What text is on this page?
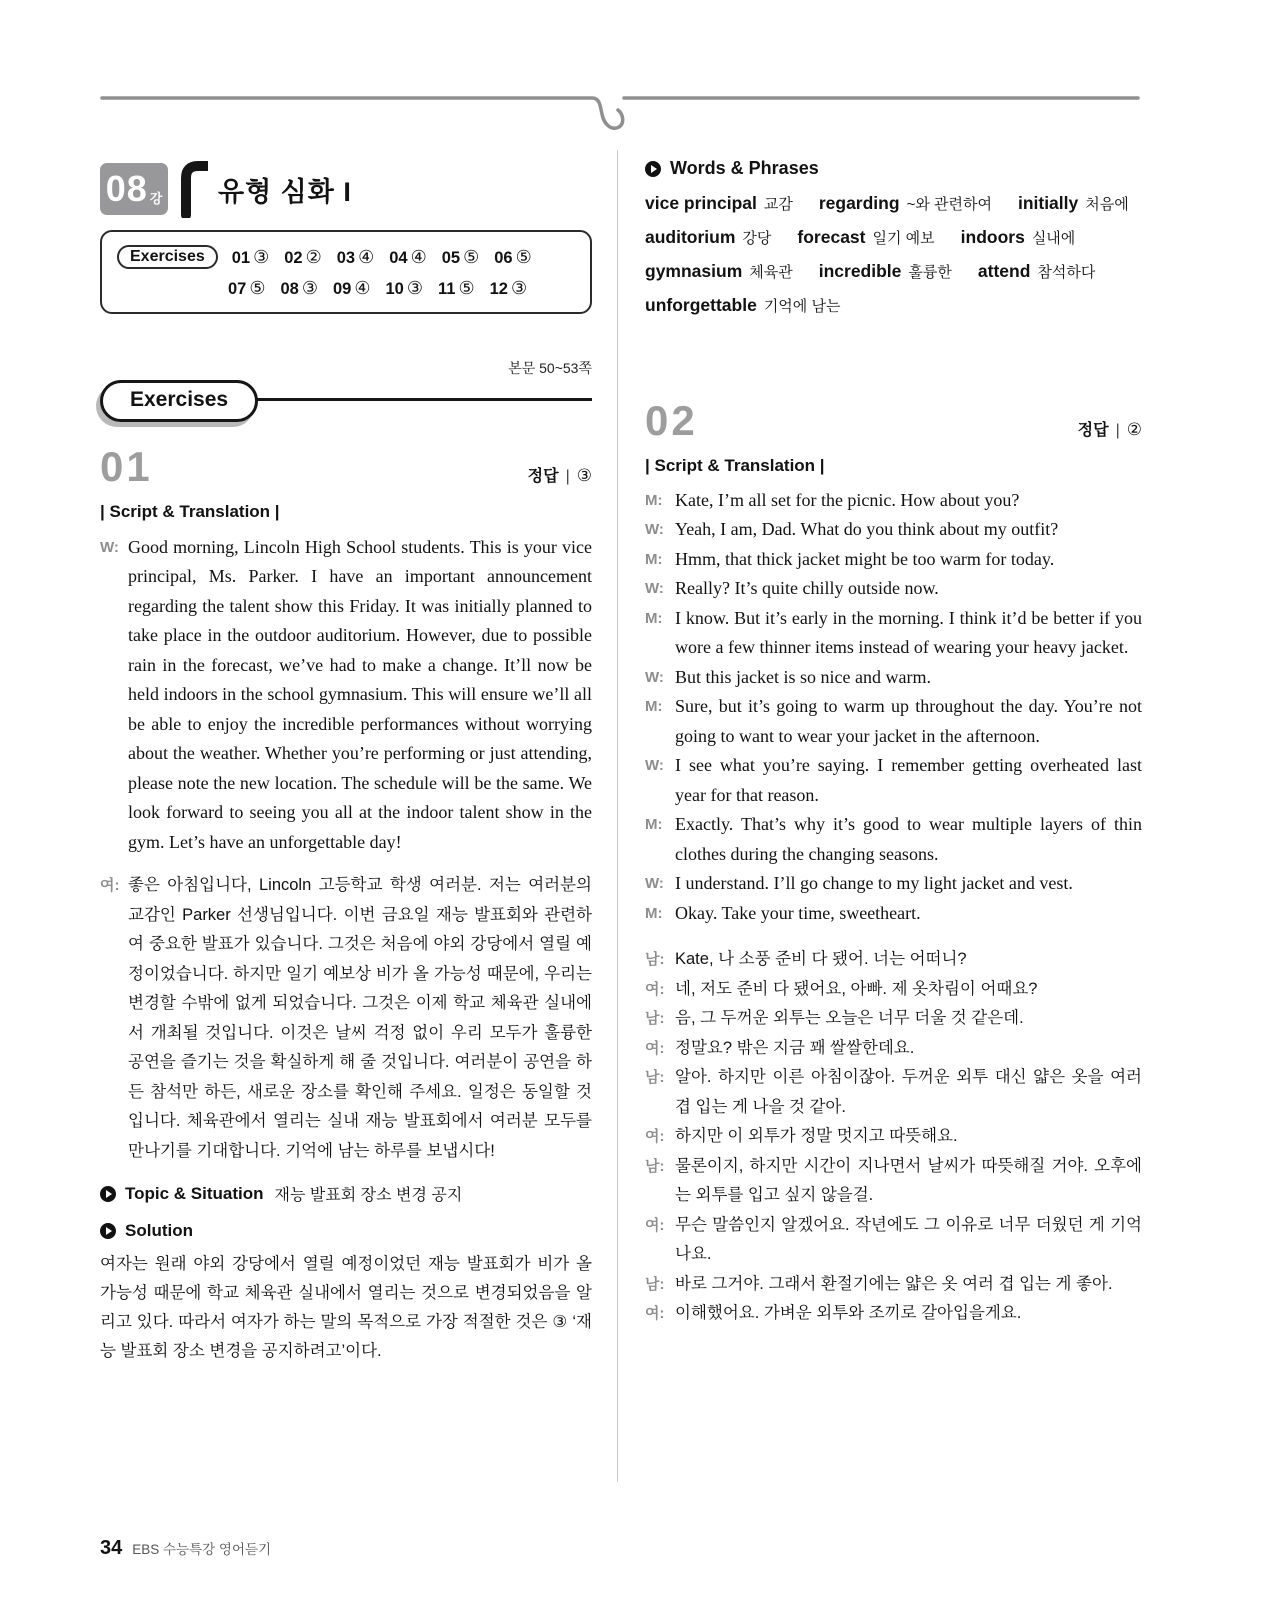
08 강 유형 심화 I
Exercises	01 ③ 02 ② 03 ④ 04 ④ 05 ⑤ 06 ⑤
07 ⑤ 08 ③ 09 ④ 10 ③ 11 ⑤ 12 ③
본문 50~53쪽
Exercises
01	정답 | ③
| Script & Translation |

W: Good morning, Lincoln High School students. This is your vice principal, Ms. Parker. I have an important announcement regarding the talent show this Friday. It was initially planned to take place in the outdoor auditorium. However, due to possible rain in the forecast, we’ve had to make a change. It’ll now be held indoors in the school gymnasium. This will ensure we’ll all be able to enjoy the incredible performances without worrying about the weather. Whether you’re performing or just attending, please note the new location. The schedule will be the same. We look forward to seeing you all at the indoor talent show in the gym. Let’s have an unforgettable day!

여: 좋은 아침입니다, Lincoln 고등학교 학생 여러분. 저는 여러분의 교감인 Parker 선생님입니다. 이번 금요일 재능 발표회와 관련하여 중요한 발표가 있습니다. 그것은 처음에 야외 강당에서 열릴 예정이었습니다. 하지만 일기 예보상 비가 올 가능성 때문에, 우리는 변경할 수밖에 없게 되었습니다. 그것은 이제 학교 체육관 실내에서 개최될 것입니다. 이것은 날씨 걱정 없이 우리 모두가 훌륭한 공연을 즐기는 것을 확실하게 해 줄 것입니다. 여러분이 공연을 하든 참석만 하든, 새로운 장소를 확인해 주세요. 일정은 동일할 것입니다. 체육관에서 열리는 실내 재능 발표회에서 여러분 모두를 만나기를 기대합니다. 기억에 남는 하루를 보냅시다!

Topic & Situation 재능 발표회 장소 변경 공지
Solution

여자는 원래 야외 강당에서 열릴 예정이었던 재능 발표회가 비가 올 가능성 때문에 학교 체육관 실내에서 열리는 것으로 변경되었음을 알리고 있다. 따라서 여자가 하는 말의 목적으로 가장 적절한 것은 ③ ‘재능 발표회 장소 변경을 공지하려고’이다.

Words & Phrases
vice principal 교감 regarding ~와 관련하여 initially 처음에
auditorium 강당 forecast 일기 예보 indoors 실내에
gymnasium 체육관 incredible 훌륭한 attend 참석하다
unforgettable 기억에 남는
02	정답 | ②
| Script & Translation |

M: Kate, I’m all set for the picnic. How about you?

W: Yeah, I am, Dad. What do you think about my outfit?

M: Hmm, that thick jacket might be too warm for today.

W: Really? It’s quite chilly outside now.

M: I know. But it’s early in the morning. I think it’d be better if you wore a few thinner items instead of wearing your heavy jacket.

W: But this jacket is so nice and warm.

M: Sure, but it’s going to warm up throughout the day. You’re not going to want to wear your jacket in the afternoon.

W: I see what you’re saying. I remember getting overheated last year for that reason.

M: Exactly. That’s why it’s good to wear multiple layers of thin clothes during the changing seasons.

W: I understand. I’ll go change to my light jacket and vest.

M: Okay. Take your time, sweetheart.

남: Kate, 나 소풍 준비 다 됐어. 너는 어떠니?

여: 네, 저도 준비 다 됐어요, 아빠. 제 옷차림이 어때요?

남: 음, 그 두꺼운 외투는 오늘은 너무 더울 것 같은데.

여: 정말요? 밖은 지금 꽤 쌀쌀한데요.

남: 알아. 하지만 이른 아침이잖아. 두꺼운 외투 대신 얇은 옷을 여러 겹 입는 게 나을 것 같아.

여: 하지만 이 외투가 정말 멋지고 따뜻해요.

남: 물론이지, 하지만 시간이 지나면서 날씨가 따뜻해질 거야. 오후에는 외투를 입고 싶지 않을걸.

여: 무슨 말씀인지 알겠어요. 작년에도 그 이유로 너무 더웠던 게 기억나요.

남: 바로 그거야. 그래서 환절기에는 얇은 옷 여러 겹 입는 게 좋아.

여: 이해했어요. 가벼운 외투와 조끼로 갈아입을게요.

34 EBS 수능특강 영어듣기
